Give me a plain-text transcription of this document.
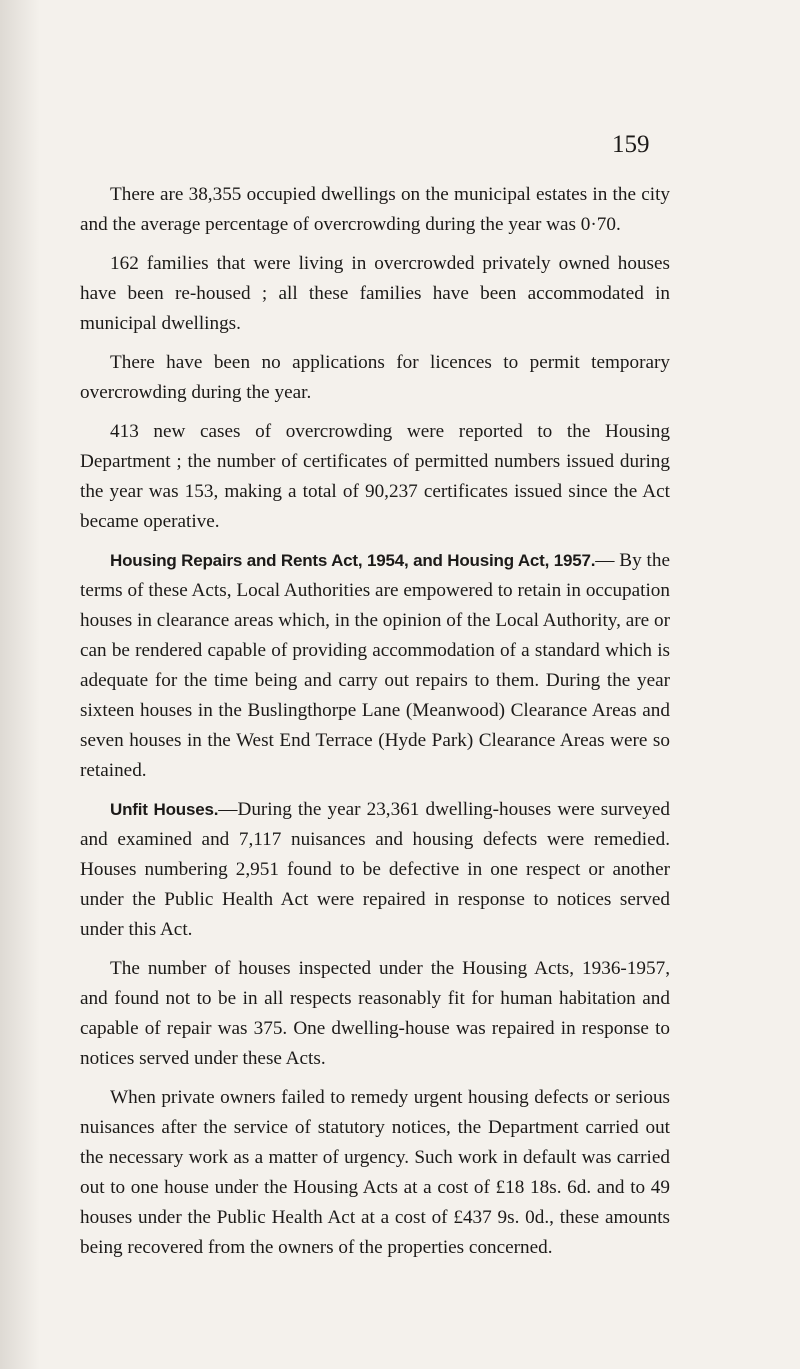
159

There are 38,355 occupied dwellings on the municipal estates in the city and the average percentage of overcrowding during the year was 0·70.

162 families that were living in overcrowded privately owned houses have been re-housed ; all these families have been accommodated in municipal dwellings.

There have been no applications for licences to permit temporary overcrowding during the year.

413 new cases of overcrowding were reported to the Housing Department ; the number of certificates of permitted numbers issued during the year was 153, making a total of 90,237 certificates issued since the Act became operative.

Housing Repairs and Rents Act, 1954, and Housing Act, 1957.— By the terms of these Acts, Local Authorities are empowered to retain in occupation houses in clearance areas which, in the opinion of the Local Authority, are or can be rendered capable of providing accommodation of a standard which is adequate for the time being and carry out repairs to them. During the year sixteen houses in the Buslingthorpe Lane (Meanwood) Clearance Areas and seven houses in the West End Terrace (Hyde Park) Clearance Areas were so retained.

Unfit Houses.—During the year 23,361 dwelling-houses were surveyed and examined and 7,117 nuisances and housing defects were remedied. Houses numbering 2,951 found to be defective in one respect or another under the Public Health Act were repaired in response to notices served under this Act.

The number of houses inspected under the Housing Acts, 1936-1957, and found not to be in all respects reasonably fit for human habitation and capable of repair was 375. One dwelling-house was repaired in response to notices served under these Acts.

When private owners failed to remedy urgent housing defects or serious nuisances after the service of statutory notices, the Department carried out the necessary work as a matter of urgency. Such work in default was carried out to one house under the Housing Acts at a cost of £18 18s. 6d. and to 49 houses under the Public Health Act at a cost of £437 9s. 0d., these amounts being recovered from the owners of the properties concerned.
